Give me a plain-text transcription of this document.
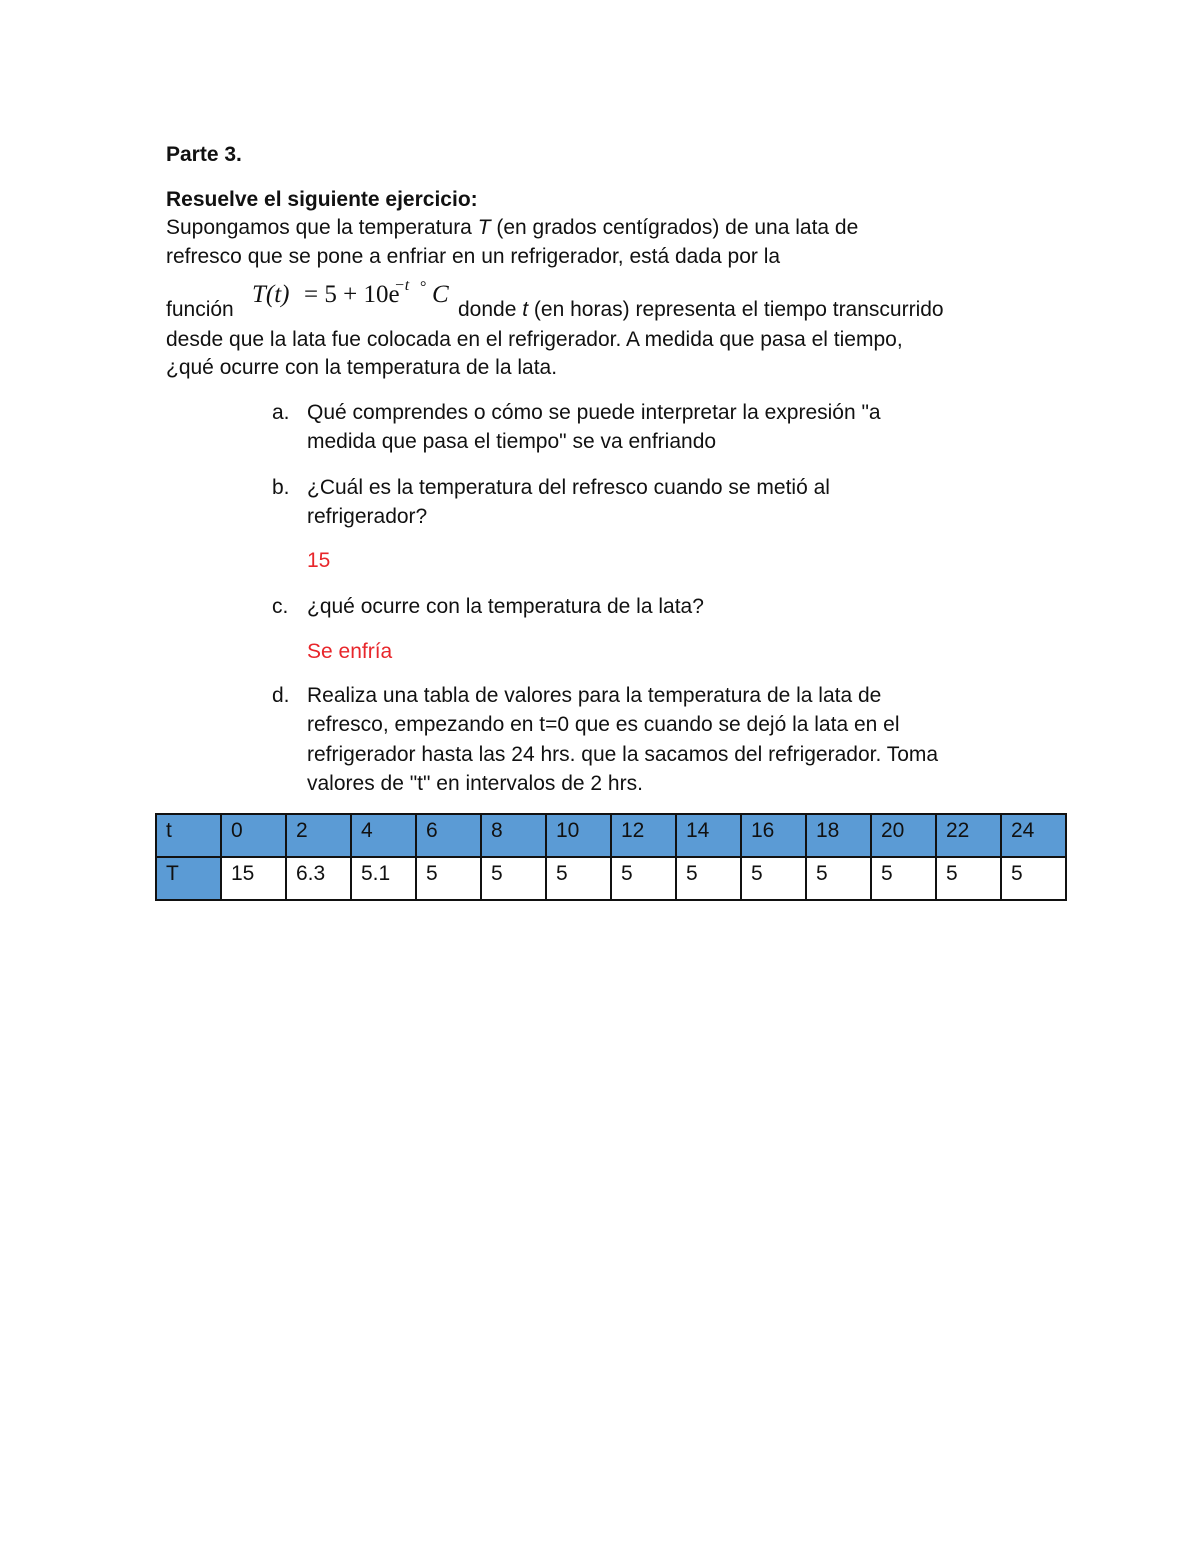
Parte 3.
Resuelve el siguiente ejercicio:
Supongamos que la temperatura T (en grados centígrados) de una lata de
refresco que se pone a enfriar en un refrigerador, está dada por la
función
T(t) = 5 + 10e
−t ° C
donde t (en horas) representa el tiempo transcurrido
desde que la lata fue colocada en el refrigerador. A medida que pasa el tiempo,
¿qué ocurre con la temperatura de la lata.
a. Qué comprendes o cómo se puede interpretar la expresión "a
medida que pasa el tiempo" se va enfriando
b. ¿Cuál es la temperatura del refresco cuando se metió al
refrigerador?
15
c. ¿qué ocurre con la temperatura de la lata?
Se enfría
d. Realiza una tabla de valores para la temperatura de la lata de
refresco, empezando en t=0 que es cuando se dejó la lata en el
refrigerador hasta las 24 hrs. que la sacamos del refrigerador. Toma
valores de "t" en intervalos de 2 hrs.
t	0	2	4	6	8	10	12	14	16	18	20	22	24
T	15	6.3	5.1	5	5	5	5	5	5	5	5	5	5
